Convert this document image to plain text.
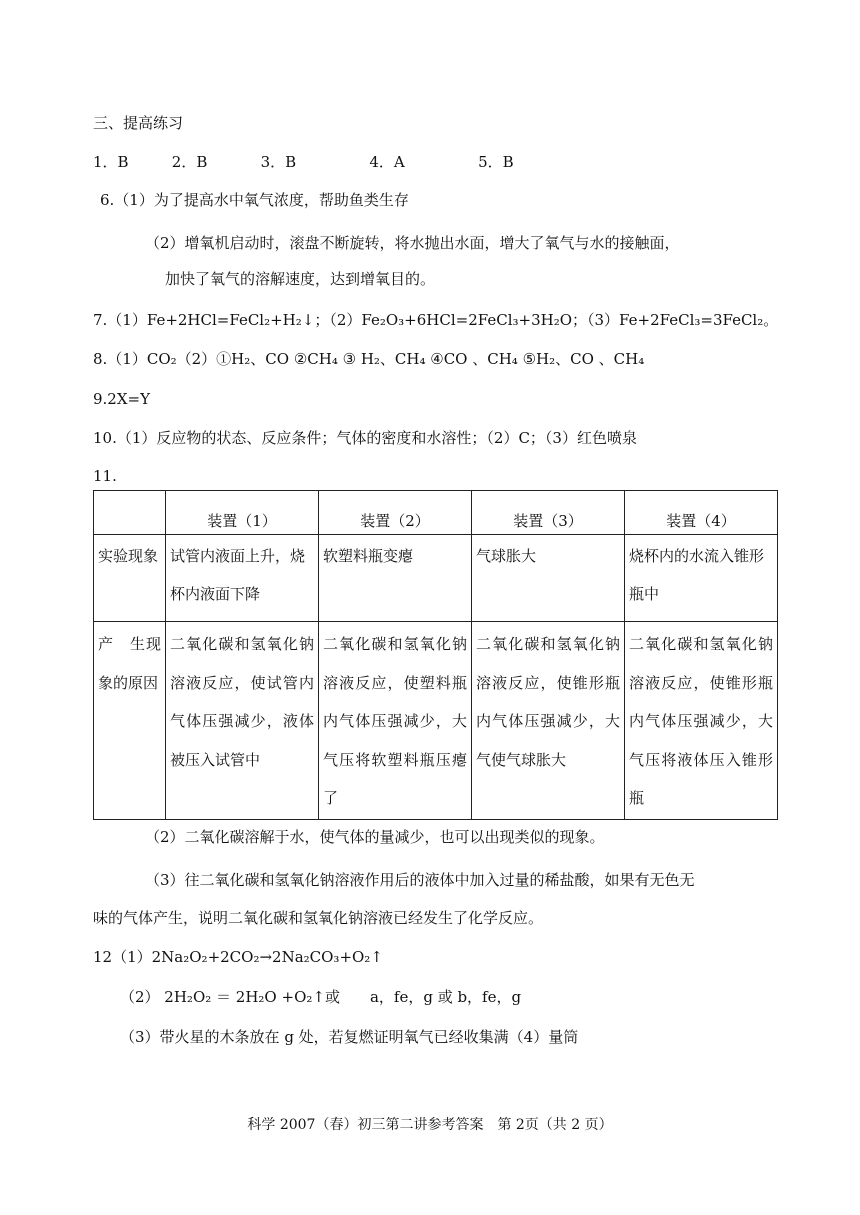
三、提高练习
1．B	2．B	3．B	4．A	5．B
6.（1）为了提高水中氧气浓度，帮助鱼类生存
（2）增氧机启动时，滚盘不断旋转，将水抛出水面，增大了氧气与水的接触面，
加快了氧气的溶解速度，达到增氧目的。
7.（1）Fe+2HCl=FeCl₂+H₂↓；（2）Fe₂O₃+6HCl=2FeCl₃+3H₂O；（3）Fe+2FeCl₃=3FeCl₂。
8.（1）CO₂（2）①H₂、CO ②CH₄ ③ H₂、CH₄ ④CO 、CH₄ ⑤H₂、CO 、CH₄
9.2X=Y
10.（1）反应物的状态、反应条件；气体的密度和水溶性；（2）C；（3）红色喷泉
11.
	装置（1）	装置（2）	装置（3）	装置（4）

实验现象	试管内液面上升，烧杯内液面下降	软塑料瓶变瘪	气球胀大	烧杯内的水流入锥形瓶中

产　生现象的原因	二氧化碳和氢氧化钠溶液反应，使试管内气体压强减少，液体被压入试管中	二氧化碳和氢氧化钠溶液反应，使塑料瓶内气体压强减少，大气压将软塑料瓶压瘪了	二氧化碳和氢氧化钠溶液反应，使锥形瓶内气体压强减少，大气使气球胀大	二氧化碳和氢氧化钠溶液反应，使锥形瓶内气体压强减少，大气压将液体压入锥形瓶
（2）二氧化碳溶解于水，使气体的量减少，也可以出现类似的现象。
（3）往二氧化碳和氢氧化钠溶液作用后的液体中加入过量的稀盐酸，如果有无色无
味的气体产生，说明二氧化碳和氢氧化钠溶液已经发生了化学反应。
12（1）2Na₂O₂+2CO₂→2Na₂CO₃+O₂↑
（2） 2H₂O₂ ＝ 2H₂O +O₂↑或　　a，fe，g 或 b，fe，g
（3）带火星的木条放在 g 处，若复燃证明氧气已经收集满（4）量筒
科学 2007（春）初三第二讲参考答案　第 2页（共 2 页）
